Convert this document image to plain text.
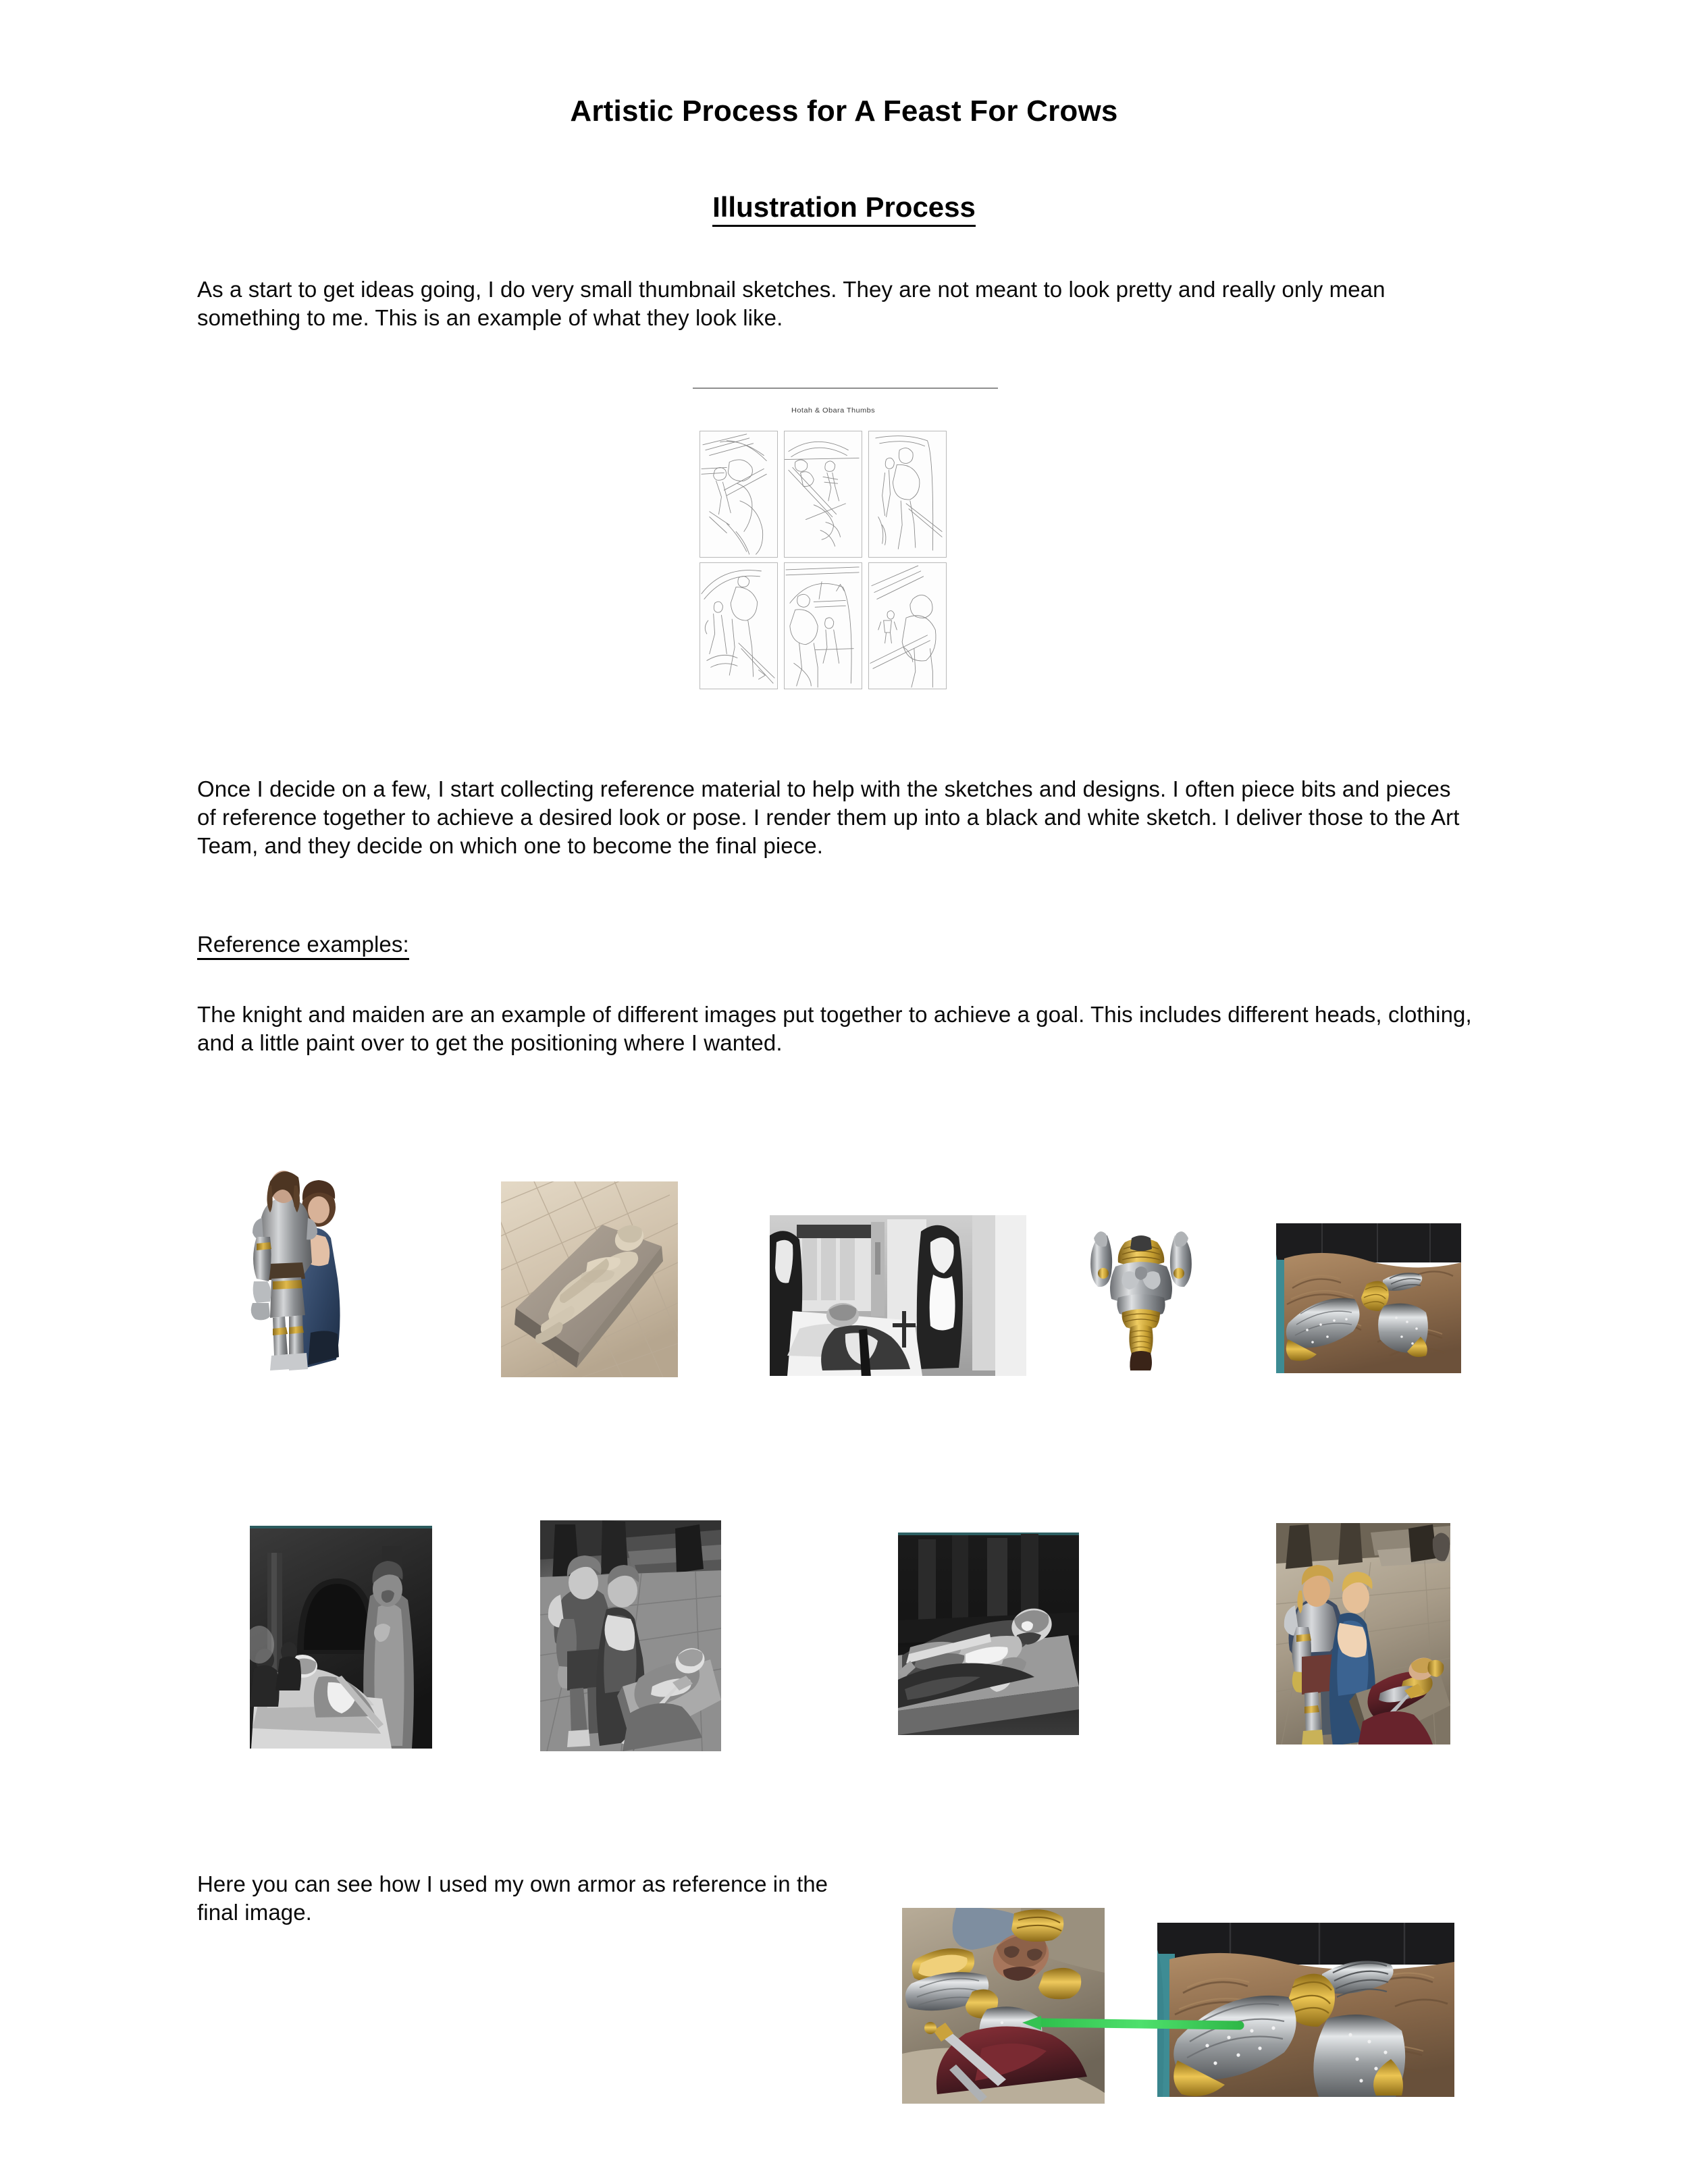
Artistic Process for A Feast For Crows
Illustration Process
As a start to get ideas going, I do very small thumbnail sketches. They are not meant to look pretty and really only mean something to me. This is an example of what they look like.
Hotah & Obara Thumbs
Once I decide on a few, I start collecting reference material to help with the sketches and designs. I often piece bits and pieces of reference together to achieve a desired look or pose. I render them up into a black and white sketch. I deliver those to the Art Team, and they decide on which one to become the final piece.
Reference examples:
The knight and maiden are an example of different images put together to achieve a goal. This includes different heads, clothing, and a little paint over to get the positioning where I wanted.
Here you can see how I used my own armor as reference in the final image.
